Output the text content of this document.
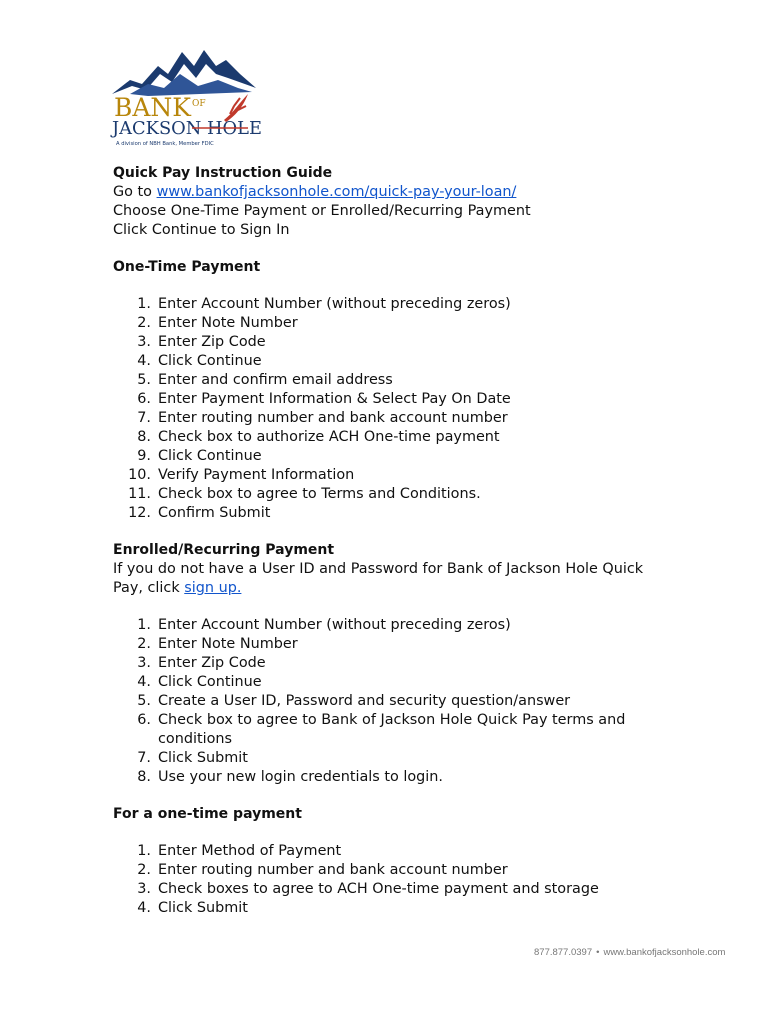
BANK OF
JACKSON HOLE
A division of NBH Bank, Member FDIC
Quick Pay Instruction Guide
Go to www.bankofjacksonhole.com/quick-pay-your-loan/
Choose One-Time Payment or Enrolled/Recurring Payment
Click Continue to Sign In
One-Time Payment
1. Enter Account Number (without preceding zeros)
2. Enter Note Number
3. Enter Zip Code
4. Click Continue
5. Enter and confirm email address
6. Enter Payment Information & Select Pay On Date
7. Enter routing number and bank account number
8. Check box to authorize ACH One-time payment
9. Click Continue
10. Verify Payment Information
11. Check box to agree to Terms and Conditions.
12. Confirm Submit
Enrolled/Recurring Payment
If you do not have a User ID and Password for Bank of Jackson Hole Quick
Pay, click sign up.
1. Enter Account Number (without preceding zeros)
2. Enter Note Number
3. Enter Zip Code
4. Click Continue
5. Create a User ID, Password and security question/answer
6. Check box to agree to Bank of Jackson Hole Quick Pay terms and conditions
7. Click Submit
8. Use your new login credentials to login.
For a one-time payment
1. Enter Method of Payment
2. Enter routing number and bank account number
3. Check boxes to agree to ACH One-time payment and storage
4. Click Submit
877.877.0397 • www.bankofjacksonhole.com
